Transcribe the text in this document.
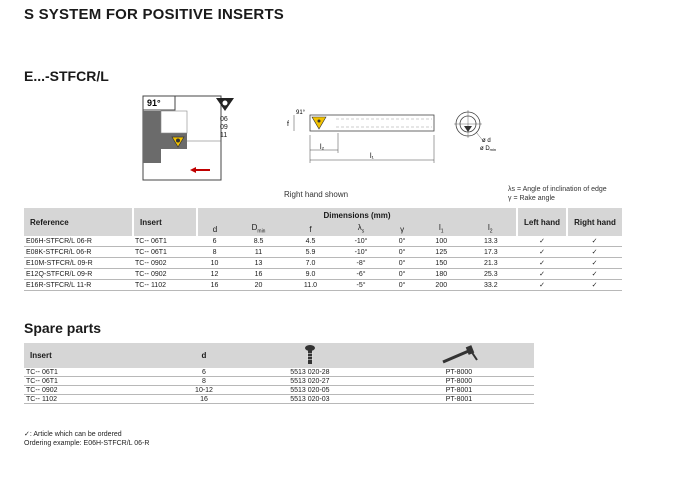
S SYSTEM FOR POSITIVE INSERTS
E...-STFCR/L
91°
06
09
11
f
91°
l₂
l₁
ø d
ø Dmin
Right hand shown
λs = Angle of inclination of edge
γ = Rake angle
Reference	Insert	Dimensions (mm)							Left hand	Right hand
		d	$D_{min}$	f	$\lambda_s$	γ	$l_1$	$l_2$
E06H-STFCR/L 06-R	TC-- 06T1	6	8.5	4.5	-10°	0°	100	13.3	✓	✓
E08K-STFCR/L 06-R	TC-- 06T1	8	11	5.9	-10°	0°	125	17.3	✓	✓
E10M-STFCR/L 09-R	TC-- 0902	10	13	7.0	-8°	0°	150	21.3	✓	✓
E12Q-STFCR/L 09-R	TC-- 0902	12	16	9.0	-6°	0°	180	25.3	✓	✓
E16R-STFCR/L 11-R	TC-- 1102	16	20	11.0	-5°	0°	200	33.2	✓	✓
Spare parts
Insert	d		
TC-- 06T1	6	5513 020-28	PT-8000
TC-- 06T1	8	5513 020-27	PT-8000
TC-- 0902	10-12	5513 020-05	PT-8001
TC-- 1102	16	5513 020-03	PT-8001
✓: Article which can be ordered
Ordering example: E06H-STFCR/L 06-R
